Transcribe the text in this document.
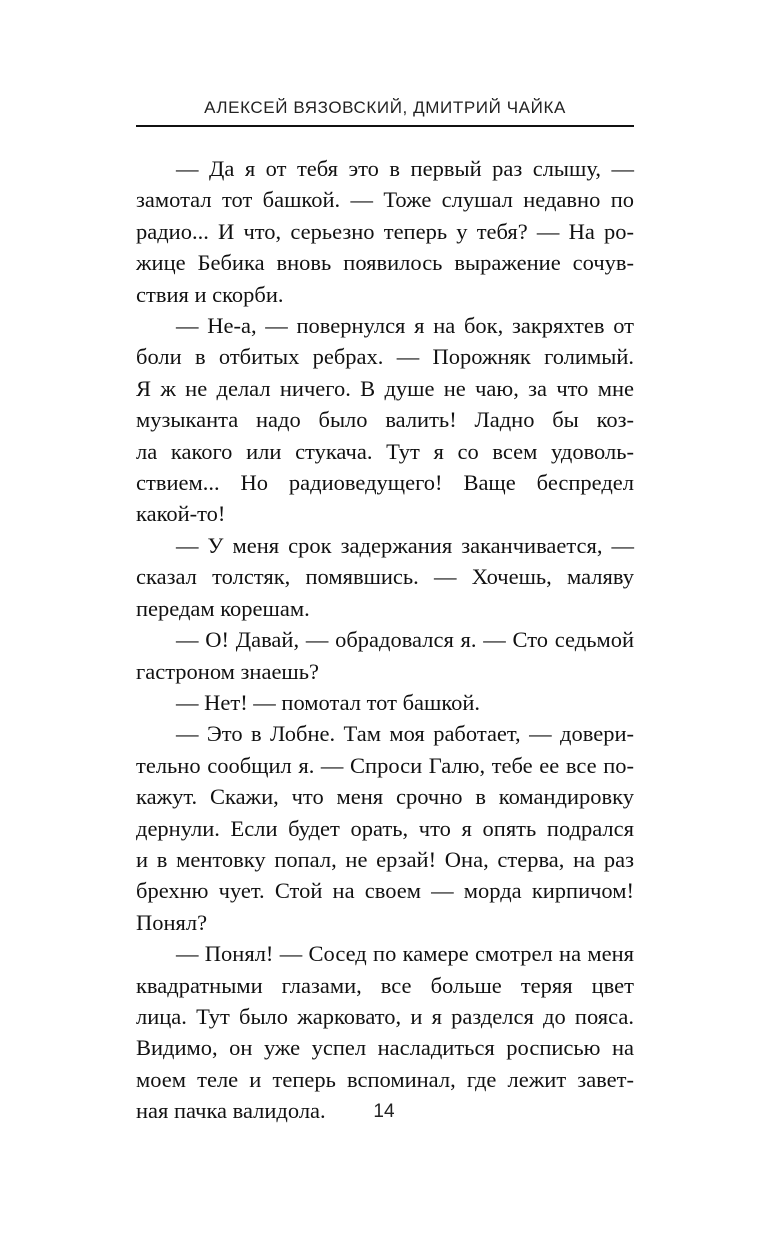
АЛЕКСЕЙ ВЯЗОВСКИЙ, ДМИТРИЙ ЧАЙКА
— Да я от тебя это в первый раз слышу, —
замотал тот башкой. — Тоже слушал недавно по
радио... И что, серьезно теперь у тебя? — На ро-
жице Бебика вновь появилось выражение сочув-
ствия и скорби.
— Не-а, — повернулся я на бок, закряхтев от
боли в отбитых ребрах. — Порожняк голимый.
Я ж не делал ничего. В душе не чаю, за что мне
музыканта надо было валить! Ладно бы коз-
ла какого или стукача. Тут я со всем удоволь-
ствием... Но радиоведущего! Ваще беспредел
какой-то!
— У меня срок задержания заканчивается, —
сказал толстяк, помявшись. — Хочешь, маляву
передам корешам.
— О! Давай, — обрадовался я. — Сто седьмой
гастроном знаешь?
— Нет! — помотал тот башкой.
— Это в Лобне. Там моя работает, — довери-
тельно сообщил я. — Спроси Галю, тебе ее все по-
кажут. Скажи, что меня срочно в командировку
дернули. Если будет орать, что я опять подрался
и в ментовку попал, не ерзай! Она, стерва, на раз
брехню чует. Стой на своем — морда кирпичом!
Понял?
— Понял! — Сосед по камере смотрел на меня
квадратными глазами, все больше теряя цвет
лица. Тут было жарковато, и я разделся до пояса.
Видимо, он уже успел насладиться росписью на
моем теле и теперь вспоминал, где лежит завет-
ная пачка валидола.	14
